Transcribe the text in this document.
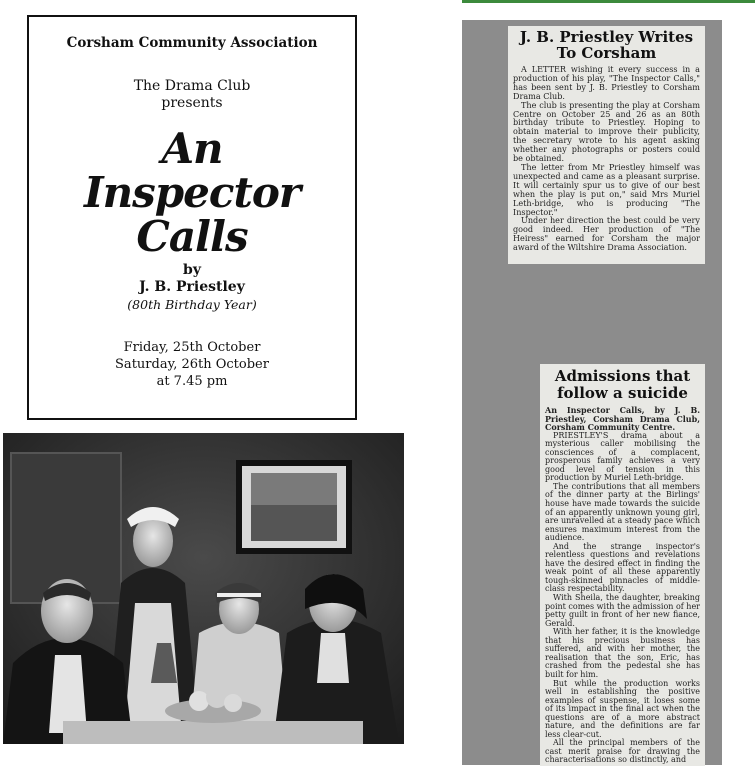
Corsham Community Association
The Drama Club
presents
An
Inspector
Calls
by
J. B. Priestley
(80th Birthday Year)
Friday, 25th October
Saturday, 26th October
at 7.45 pm
J. B. Priestley Writes To Corsham

A LETTER wishing it every success in a production of his play, "The Inspector Calls," has been sent by J. B. Priestley to Corsham Drama Club.

The club is presenting the play at Corsham Centre on October 25 and 26 as an 80th birthday tribute to Priestley. Hoping to obtain material to improve their publicity, the secretary wrote to his agent asking whether any photographs or posters could be obtained.

The letter from Mr Priestley himself was unexpected and came as a pleasant surprise. It will certainly spur us to give of our best when the play is put on," said Mrs Muriel Leth-bridge, who is producing "The Inspector."

Under her direction the best could be very good indeed. Her production of "The Heiress" earned for Corsham the major award of the Wiltshire Drama Association.

Admissions that follow a suicide

An Inspector Calls, by J. B. Priestley, Corsham Drama Club, Corsham Community Centre.

PRIESTLEY'S drama about a mysterious caller mobilising the consciences of a complacent, prosperous family achieves a very good level of tension in this production by Muriel Leth-bridge.

The contributions that all members of the dinner party at the Birlings' house have made towards the suicide of an apparently unknown young girl, are unravelled at a steady pace which ensures maximum interest from the audience.

And the strange inspector's relentless questions and revelations have the desired effect in finding the weak point of all these apparently tough-skinned pinnacles of middle-class respectability.

With Sheila, the daughter, breaking point comes with the admission of her petty guilt in front of her new fiance, Gerald.

With her father, it is the knowledge that his precious business has suffered, and with her mother, the realisation that the son, Eric, has crashed from the pedestal she has built for him.

But while the production works well in establishing the positive examples of suspense, it loses some of its impact in the final act when the questions are of a more abstract nature, and the definitions are far less clear-cut.

All the principal members of the cast merit praise for drawing the characterisations so distinctly, and
